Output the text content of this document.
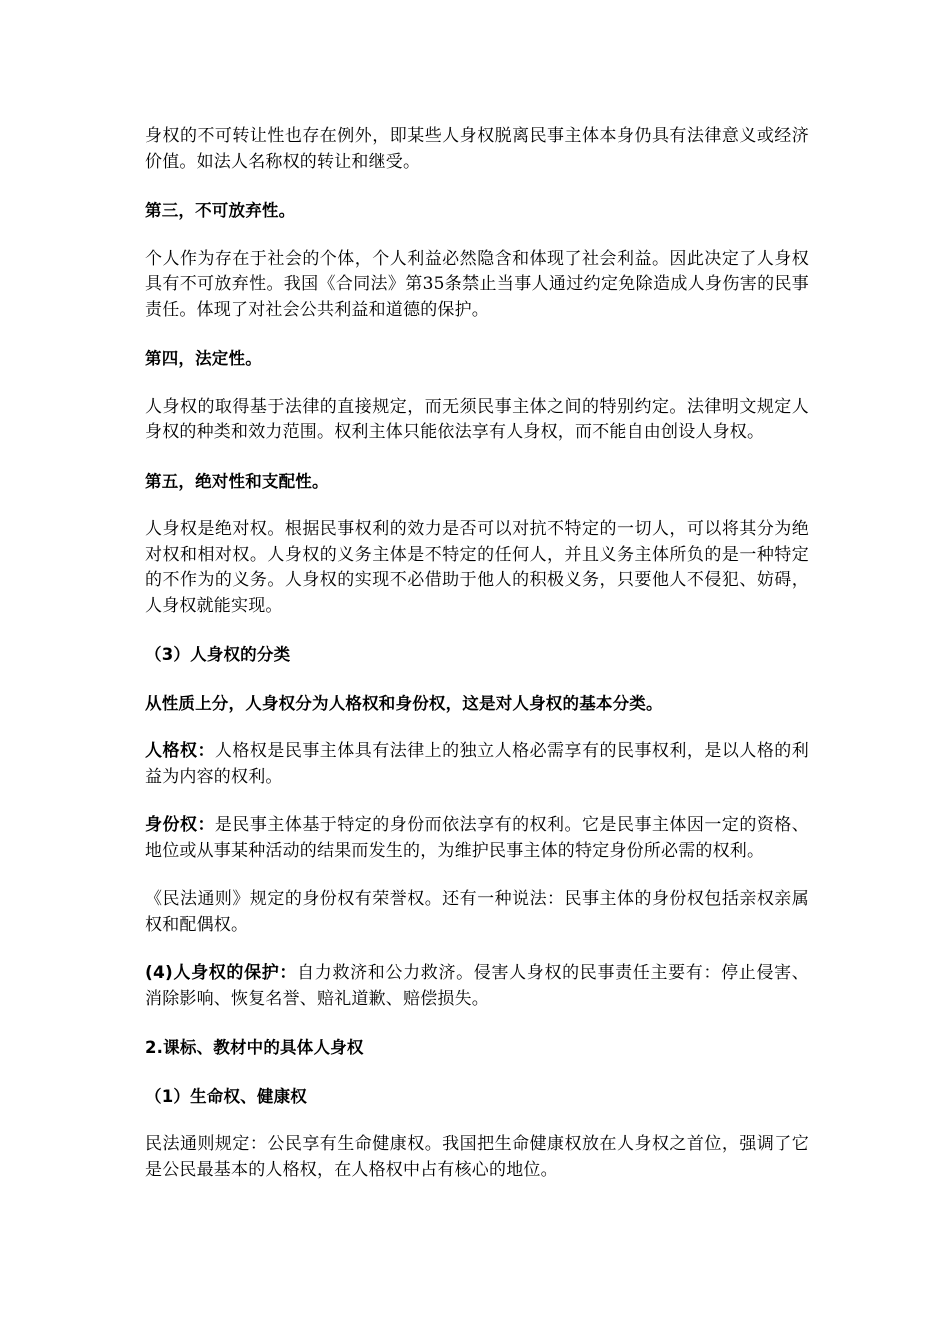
身权的不可转让性也存在例外，即某些人身权脱离民事主体本身仍具有法律意义或经济价值。如法人名称权的转让和继受。

第三，不可放弃性。

个人作为存在于社会的个体，个人利益必然隐含和体现了社会利益。因此决定了人身权具有不可放弃性。我国《合同法》第35条禁止当事人通过约定免除造成人身伤害的民事责任。体现了对社会公共利益和道德的保护。

第四，法定性。

人身权的取得基于法律的直接规定，而无须民事主体之间的特别约定。法律明文规定人身权的种类和效力范围。权利主体只能依法享有人身权，而不能自由创设人身权。

第五，绝对性和支配性。

人身权是绝对权。根据民事权利的效力是否可以对抗不特定的一切人，可以将其分为绝对权和相对权。人身权的义务主体是不特定的任何人，并且义务主体所负的是一种特定的不作为的义务。人身权的实现不必借助于他人的积极义务，只要他人不侵犯、妨碍，人身权就能实现。

（3）人身权的分类

从性质上分，人身权分为人格权和身份权，这是对人身权的基本分类。

人格权：人格权是民事主体具有法律上的独立人格必需享有的民事权利，是以人格的利益为内容的权利。

身份权：是民事主体基于特定的身份而依法享有的权利。它是民事主体因一定的资格、地位或从事某种活动的结果而发生的，为维护民事主体的特定身份所必需的权利。

《民法通则》规定的身份权有荣誉权。还有一种说法：民事主体的身份权包括亲权亲属权和配偶权。

(4)人身权的保护：自力救济和公力救济。侵害人身权的民事责任主要有：停止侵害、消除影响、恢复名誉、赔礼道歉、赔偿损失。

2.课标、教材中的具体人身权

（1）生命权、健康权

民法通则规定：公民享有生命健康权。我国把生命健康权放在人身权之首位，强调了它是公民最基本的人格权，在人格权中占有核心的地位。
